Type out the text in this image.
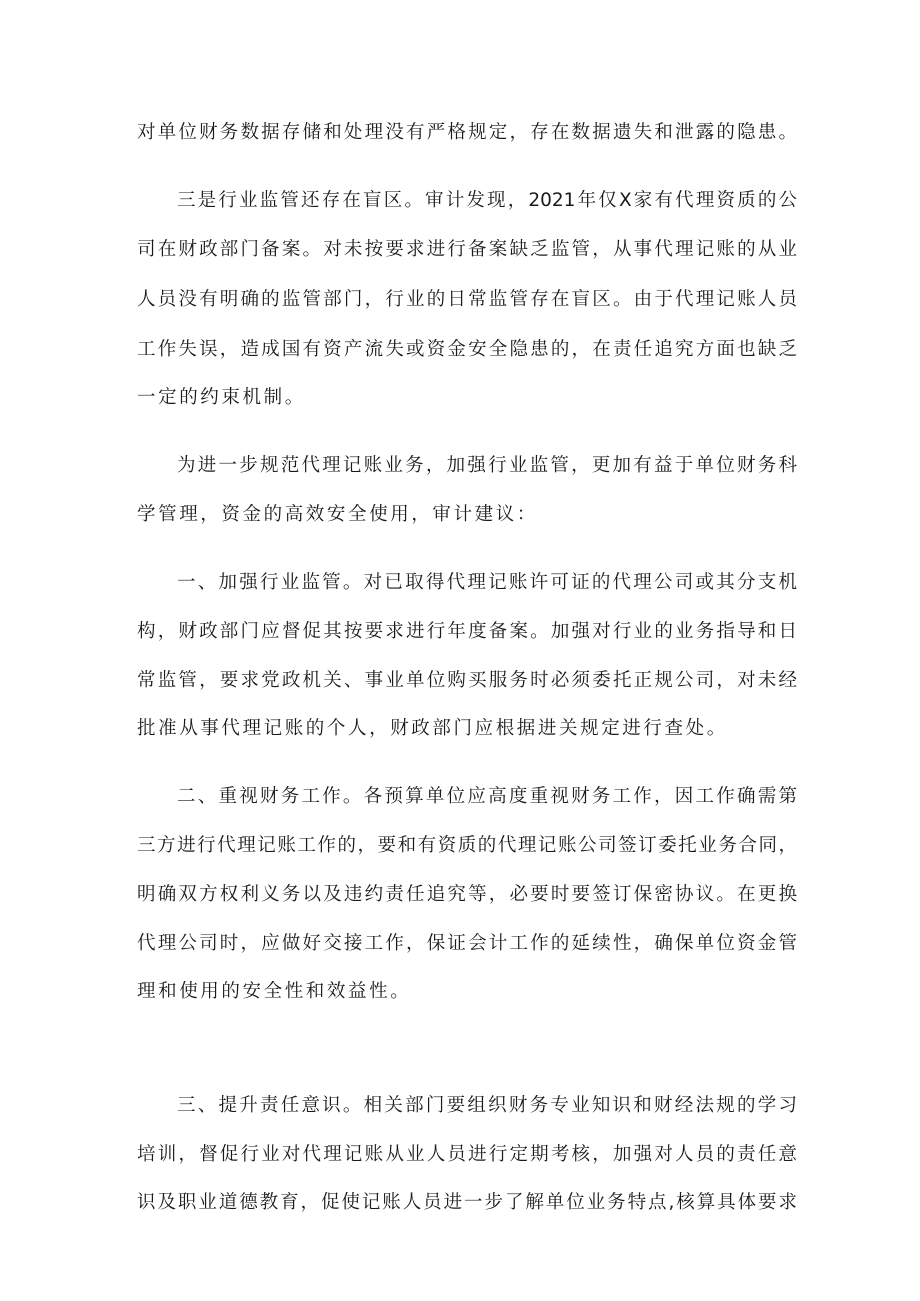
对单位财务数据存储和处理没有严格规定，存在数据遗失和泄露的隐患。
三是行业监管还存在盲区。审计发现，2021年仅X家有代理资质的公
司在财政部门备案。对未按要求进行备案缺乏监管，从事代理记账的从业
人员没有明确的监管部门，行业的日常监管存在盲区。由于代理记账人员
工作失误，造成国有资产流失或资金安全隐患的，在责任追究方面也缺乏
一定的约束机制。
为进一步规范代理记账业务，加强行业监管，更加有益于单位财务科
学管理，资金的高效安全使用，审计建议：
一、加强行业监管。对已取得代理记账许可证的代理公司或其分支机
构，财政部门应督促其按要求进行年度备案。加强对行业的业务指导和日
常监管，要求党政机关、事业单位购买服务时必须委托正规公司，对未经
批准从事代理记账的个人，财政部门应根据进关规定进行查处。
二、重视财务工作。各预算单位应高度重视财务工作，因工作确需第
三方进行代理记账工作的，要和有资质的代理记账公司签订委托业务合同，
明确双方权利义务以及违约责任追究等，必要时要签订保密协议。在更换
代理公司时，应做好交接工作，保证会计工作的延续性，确保单位资金管
理和使用的安全性和效益性。
三、提升责任意识。相关部门要组织财务专业知识和财经法规的学习
培训，督促行业对代理记账从业人员进行定期考核，加强对人员的责任意
识及职业道德教育，促使记账人员进一步了解单位业务特点,核算具体要求
